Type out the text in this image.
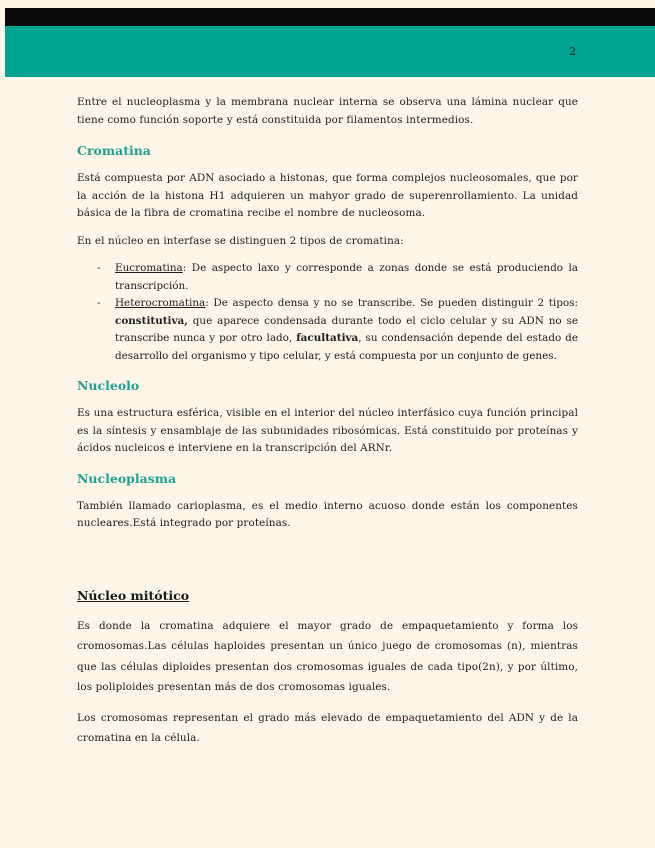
2

Entre el nucleoplasma y la membrana nuclear interna se observa una lámina nuclear que tiene como función soporte y está constituida por filamentos intermedios.

Cromatina

Está compuesta por ADN asociado a histonas, que forma complejos nucleosomales, que por la acción de la histona H1 adquieren un mahyor grado de superenrollamiento. La unidad básica de la fibra de cromatina recibe el nombre de nucleosoma.

En el núcleo en interfase se distinguen 2 tipos de cromatina:

- Eucromatina: De aspecto laxo y corresponde a zonas donde se está produciendo la transcripción.
- Heterocromatina: De aspecto densa y no se transcribe. Se pueden distinguir 2 tipos: constitutiva, que aparece condensada durante todo el ciclo celular y su ADN no se transcribe nunca y por otro lado, facultativa, su condensación depende del estado de desarrollo del organismo y tipo celular, y está compuesta por un conjunto de genes.
Nucleolo

Es una estructura esférica, visible en el interior del núcleo interfásico cuya función principal es la síntesis y ensamblaje de las subunidades ribosómicas. Está constituido por proteínas y ácidos nucleicos e interviene en la transcripción del ARNr.

Nucleoplasma

También llamado carioplasma, es el medio interno acuoso donde están los componentes nucleares.Está integrado por proteínas.

Núcleo mitótico

Es donde la cromatina adquiere el mayor grado de empaquetamiento y forma los cromosomas.Las células haploides presentan un único juego de cromosomas (n), mientras que las células diploides presentan dos cromosomas iguales de cada tipo(2n), y por último, los poliploides presentan más de dos cromosomas iguales.

Los cromosomas representan el grado más elevado de empaquetamiento del ADN y de la cromatina en la célula.
